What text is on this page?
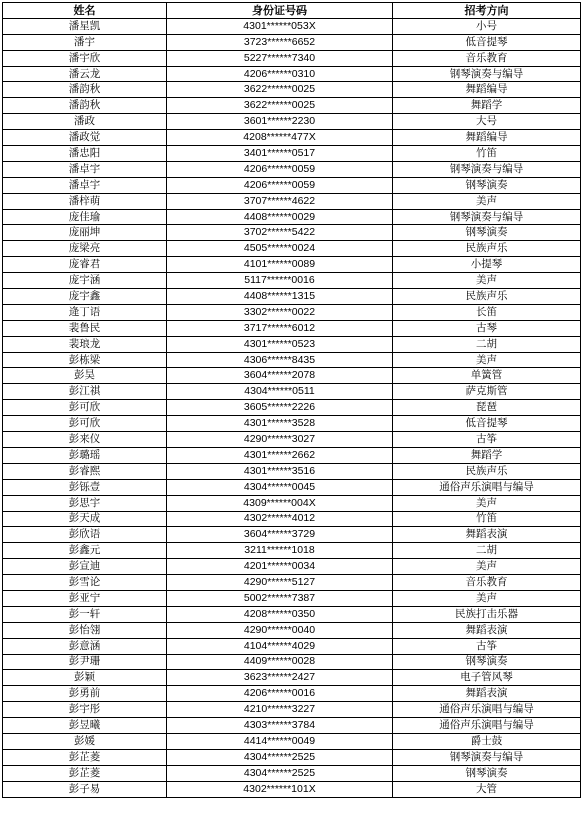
姓名	身份证号码	招考方向
潘星凯	4301******053X	小号
潘宇	3723******6652	低音提琴
潘宇欣	5227******7340	音乐教育
潘云龙	4206******0310	钢琴演奏与编导
潘韵秋	3622******0025	舞蹈编导
潘韵秋	3622******0025	舞蹈学
潘政	3601******2230	大号
潘政觉	4208******477X	舞蹈编导
潘忠阳	3401******0517	竹笛
潘卓宇	4206******0059	钢琴演奏与编导
潘卓宇	4206******0059	钢琴演奏
潘梓萌	3707******4622	美声
庞佳瑜	4408******0029	钢琴演奏与编导
庞丽坤	3702******5422	钢琴演奏
庞梁亮	4505******0024	民族声乐
庞睿君	4101******0089	小提琴
庞宇涵	5117******0016	美声
庞宇鑫	4408******1315	民族声乐
逄丁语	3302******0022	长笛
裴鲁民	3717******6012	古琴
裴琅龙	4301******0523	二胡
彭栋梁	4306******8435	美声
彭昊	3604******2078	单簧管
彭江祺	4304******0511	萨克斯管
彭可欣	3605******2226	琵琶
彭可欣	4301******3528	低音提琴
彭来仪	4290******3027	古筝
彭璐瑶	4301******2662	舞蹈学
彭睿熙	4301******3516	民族声乐
彭铄壹	4304******0045	通俗声乐演唱与编导
彭思宇	4309******004X	美声
彭天成	4302******4012	竹笛
彭欣语	3604******3729	舞蹈表演
彭鑫元	3211******1018	二胡
彭宣迪	4201******0034	美声
彭雪论	4290******5127	音乐教育
彭亚宁	5002******7387	美声
彭一轩	4208******0350	民族打击乐器
彭怡翎	4290******0040	舞蹈表演
彭意涵	4104******4029	古筝
彭尹珊	4409******0028	钢琴演奏
彭颖	3623******2427	电子管风琴
彭勇前	4206******0016	舞蹈表演
彭宇彤	4210******3227	通俗声乐演唱与编导
彭昱曦	4303******3784	通俗声乐演唱与编导
彭媛	4414******0049	爵士鼓
彭芷菱	4304******2525	钢琴演奏与编导
彭芷菱	4304******2525	钢琴演奏
彭子易	4302******101X	大管
